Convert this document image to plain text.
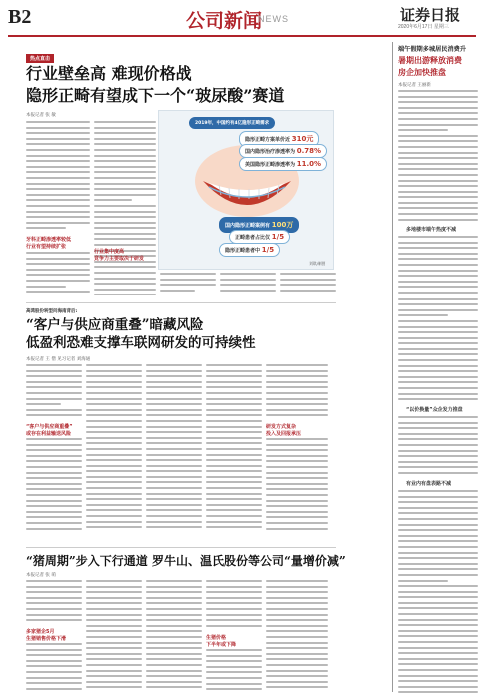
B2	公司新闻
NEWS	证券日报
2020年6月17日 星期三
热点直击
行业壁垒高 难现价格战
隐形正畸有望成下一个“玻尿酸”赛道
本报记者 张 敏
牙科正畸渗透率较低
行业有望持续扩张
2019年，中国约有4亿隐形正畸需求
隐形正畸方案单价近 310元
国内隐形治疗渗透率为 0.78%
美国隐形正畸渗透率为 11.0%
国内隐形正畸案例有 100万
正畸患者占比仅 1/5
隐形正畸患者中 1/5
刘琪/制图
行业集中度高
竞争力主要取决于研发
高鸿股份转型问海南背后:
“客户与供应商重叠”暗藏风险
低盈利恐难支撑车联网研发的可持续性
本报记者 王 僧 见习记者 刘海通
“客户与供应商重叠”
或存在利益输送风险
研发方式复杂
投入及回报承压
“猪周期”步入下行通道 罗牛山、温氏股份等公司“量增价减”
本报记者 张 萌
多家猪企5月
生猪销售价格下滑	生猪价格
下半年或下降
端午假期多城居民消费升
暑期出游释放消费
房企加快推盘
本报记者 王丽新
多地楼市端午热度不减
“以价换量”众企发力推盘
有业内有盘表路不减
